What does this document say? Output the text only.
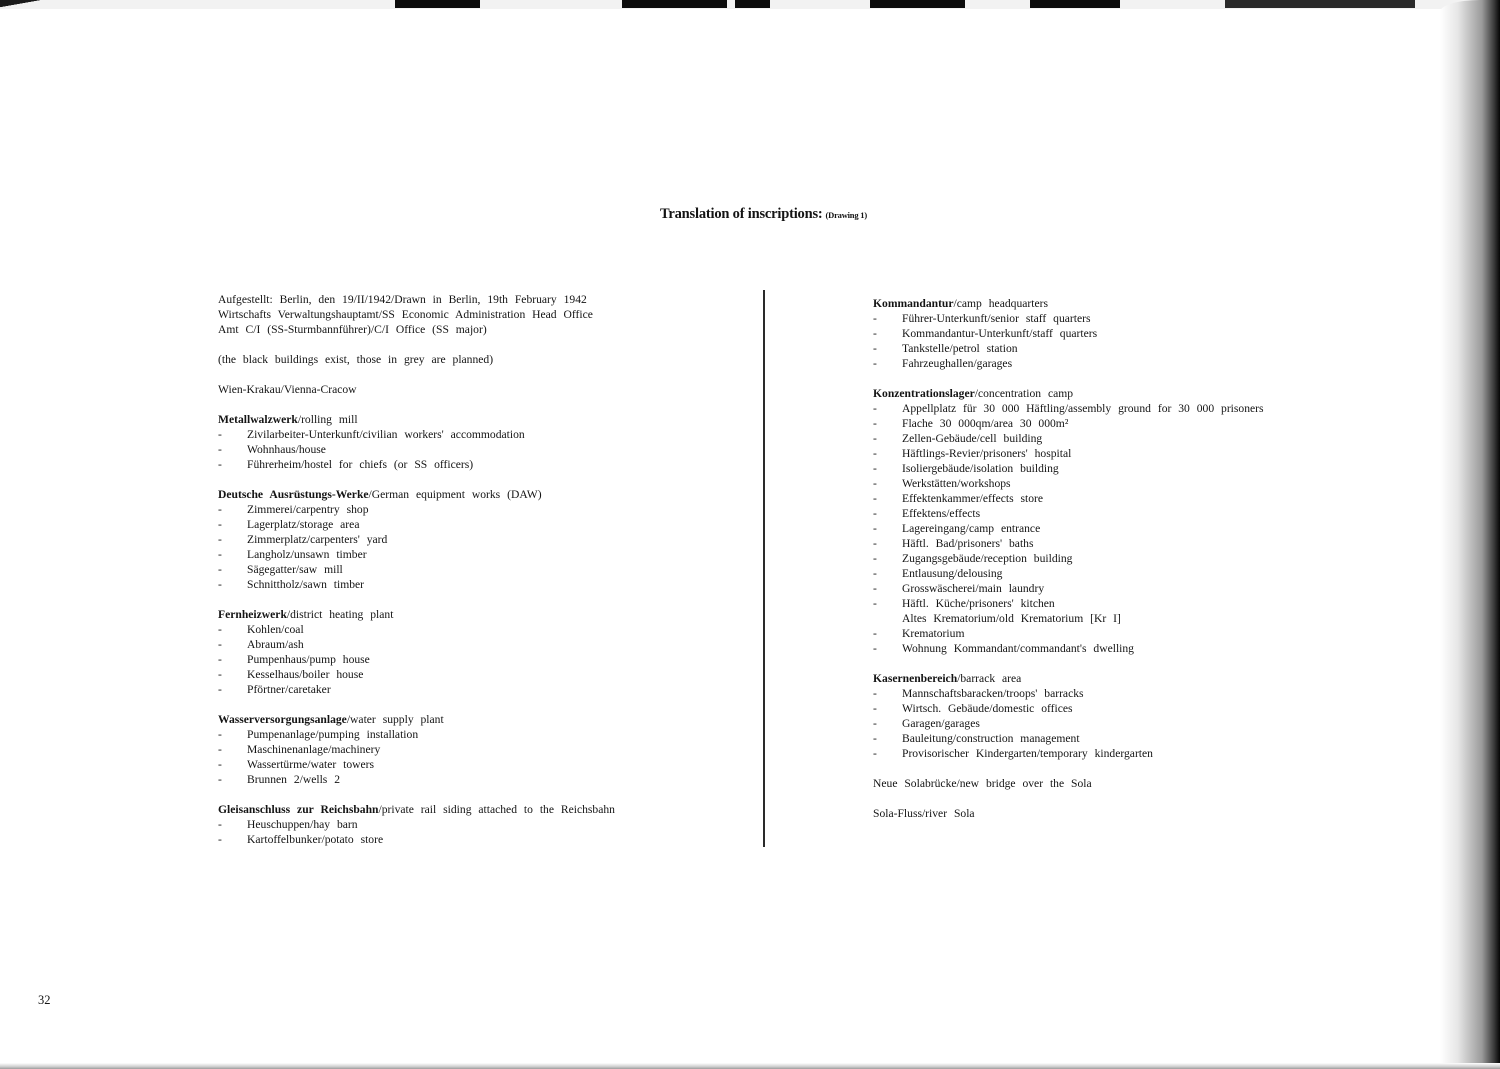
Translation of inscriptions: (Drawing 1)
Aufgestellt: Berlin, den 19/II/1942/Drawn in Berlin, 19th February 1942
Wirtschafts Verwaltungshauptamt/SS Economic Administration Head Office
Amt C/I (SS-Sturmbannführer)/C/I Office (SS major)
(the black buildings exist, those in grey are planned)
Wien-Krakau/Vienna-Cracow
Metallwalzwerk/rolling mill
- Zivilarbeiter-Unterkunft/civilian workers' accommodation
- Wohnhaus/house
- Führerheim/hostel for chiefs (or SS officers)
Deutsche Ausrüstungs-Werke/German equipment works (DAW)
- Zimmerei/carpentry shop
- Lagerplatz/storage area
- Zimmerplatz/carpenters' yard
- Langholz/unsawn timber
- Sägegatter/saw mill
- Schnittholz/sawn timber
Fernheizwerk/district heating plant
- Kohlen/coal
- Abraum/ash
- Pumpenhaus/pump house
- Kesselhaus/boiler house
- Pförtner/caretaker
Wasserversorgungsanlage/water supply plant
- Pumpenanlage/pumping installation
- Maschinenanlage/machinery
- Wassertürme/water towers
- Brunnen 2/wells 2
Gleisanschluss zur Reichsbahn/private rail siding attached to the Reichsbahn
- Heuschuppen/hay barn
- Kartoffelbunker/potato store
Kommandantur/camp headquarters
- Führer-Unterkunft/senior staff quarters
- Kommandantur-Unterkunft/staff quarters
- Tankstelle/petrol station
- Fahrzeughallen/garages
Konzentrationslager/concentration camp
- Appellplatz für 30 000 Häftling/assembly ground for 30 000 prisoners
- Flache 30 000qm/area 30 000m²
- Zellen-Gebäude/cell building
- Häftlings-Revier/prisoners' hospital
- Isoliergebäude/isolation building
- Werkstätten/workshops
- Effektenkammer/effects store
- Effektens/effects
- Lagereingang/camp entrance
- Häftl. Bad/prisoners' baths
- Zugangsgebäude/reception building
- Entlausung/delousing
- Grosswäscherei/main laundry
- Häftl. Küche/prisoners' kitchen
Altes Krematorium/old Krematorium [Kr I]
- Krematorium
- Wohnung Kommandant/commandant's dwelling
Kasernenbereich/barrack area
- Mannschaftsbaracken/troops' barracks
- Wirtsch. Gebäude/domestic offices
- Garagen/garages
- Bauleitung/construction management
- Provisorischer Kindergarten/temporary kindergarten
Neue Solabrücke/new bridge over the Sola
Sola-Fluss/river Sola
32
